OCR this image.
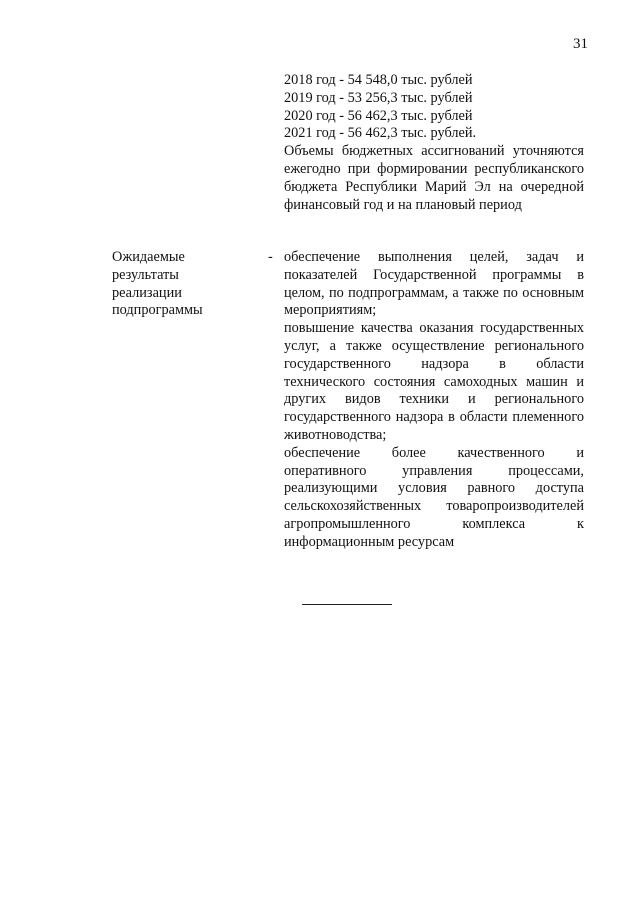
31
2018 год - 54 548,0 тыс. рублей
2019 год - 53 256,3 тыс. рублей
2020 год - 56 462,3 тыс. рублей
2021 год - 56 462,3 тыс. рублей.

Объемы бюджетных ассигнований уточняются ежегодно при формировании республиканского бюджета Республики Марий Эл на очередной финансовый год и на плановый период

Ожидаемые
результаты
реализации
подпрограммы
- обеспечение выполнения целей, задач и показателей Государственной программы в целом, по подпрограммам, а также по основным мероприятиям;

повышение качества оказания государственных услуг, а также осуществление регионального государственного надзора в области технического состояния самоходных машин и других видов техники и регионального государственного надзора в области племенного животноводства;

обеспечение более качественного и оперативного управления процессами, реализующими условия равного доступа сельскохозяйственных товаропроизводителей агропромышленного комплекса к информационным ресурсам
